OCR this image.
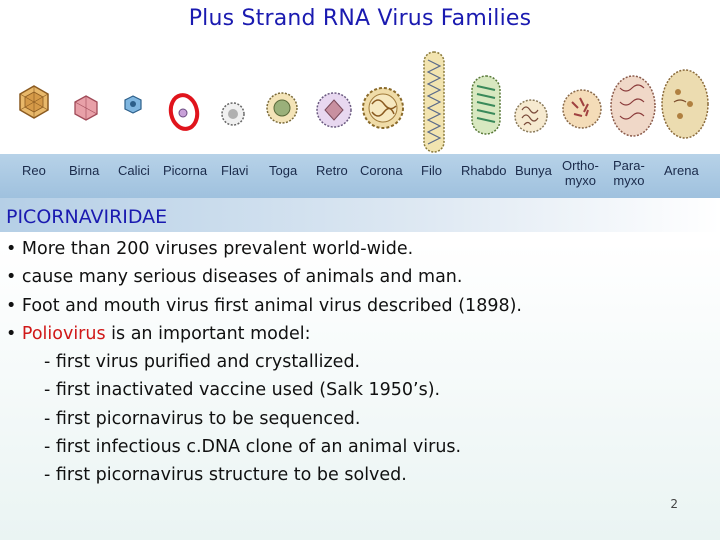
Plus Strand RNA Virus Families
Reo Birna Calici Picorna Flavi Toga Retro Corona Filo Rhabdo Bunya Ortho-
myxo
Para-
myxo
Arena
PICORNAVIRIDAE
• More than 200 viruses prevalent world-wide.
• cause many serious diseases of animals and man.
• Foot and mouth virus first animal virus described (1898).
• Poliovirus is an important model:
- first virus purified and crystallized.
- first inactivated vaccine used (Salk 1950’s).
- first picornavirus to be sequenced.
- first infectious c.DNA clone of an animal virus.
- first picornavirus structure to be solved.
2
